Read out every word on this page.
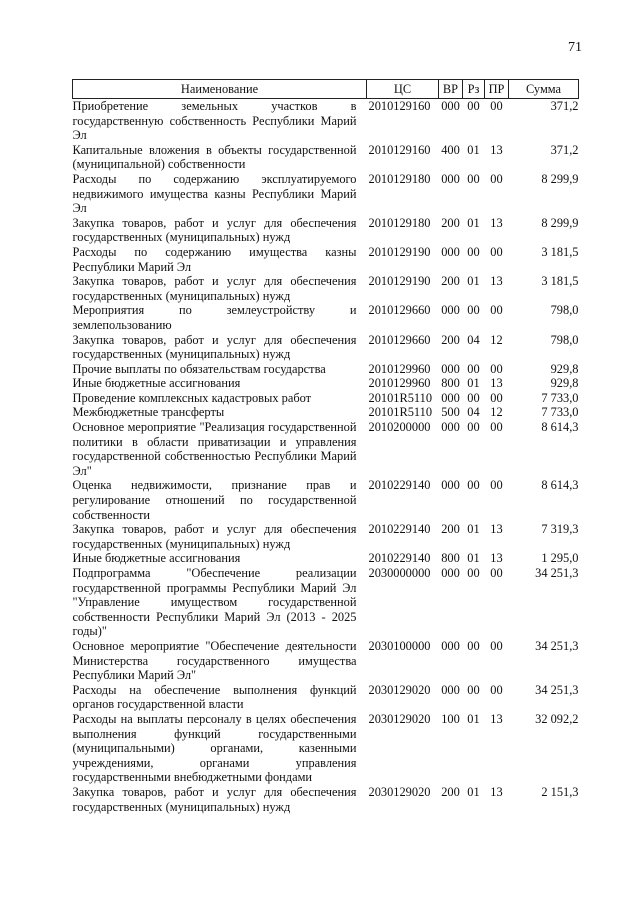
71
Наименование	ЦС	ВР	Рз	ПР	Сумма
Приобретение земельных участков в государственную собственность Республики Марий Эл	2010129160	000	00	00	371,2
Капитальные вложения в объекты государственной (муниципальной) собственности	2010129160	400	01	13	371,2
Расходы по содержанию эксплуатируемого недвижимого имущества казны Республики Марий Эл	2010129180	000	00	00	8 299,9
Закупка товаров, работ и услуг для обеспечения государственных (муниципальных) нужд	2010129180	200	01	13	8 299,9
Расходы по содержанию имущества казны Республики Марий Эл	2010129190	000	00	00	3 181,5
Закупка товаров, работ и услуг для обеспечения государственных (муниципальных) нужд	2010129190	200	01	13	3 181,5
Мероприятия по землеустройству и землепользованию	2010129660	000	00	00	798,0
Закупка товаров, работ и услуг для обеспечения государственных (муниципальных) нужд	2010129660	200	04	12	798,0
Прочие выплаты по обязательствам государства	2010129960	000	00	00	929,8
Иные бюджетные ассигнования	2010129960	800	01	13	929,8
Проведение комплексных кадастровых работ	20101R5110	000	00	00	7 733,0
Межбюджетные трансферты	20101R5110	500	04	12	7 733,0
Основное мероприятие "Реализация государственной политики в области приватизации и управления государственной собственностью Республики Марий Эл"	2010200000	000	00	00	8 614,3
Оценка недвижимости, признание прав и регулирование отношений по государственной собственности	2010229140	000	00	00	8 614,3
Закупка товаров, работ и услуг для обеспечения государственных (муниципальных) нужд	2010229140	200	01	13	7 319,3
Иные бюджетные ассигнования	2010229140	800	01	13	1 295,0
Подпрограмма "Обеспечение реализации государственной программы Республики Марий Эл "Управление имуществом государственной собственности Республики Марий Эл (2013 - 2025 годы)"	2030000000	000	00	00	34 251,3
Основное мероприятие "Обеспечение деятельности Министерства государственного имущества Республики Марий Эл"	2030100000	000	00	00	34 251,3
Расходы на обеспечение выполнения функций органов государственной власти	2030129020	000	00	00	34 251,3
Расходы на выплаты персоналу в целях обеспечения выполнения функций государственными (муниципальными) органами, казенными учреждениями, органами управления государственными внебюджетными фондами	2030129020	100	01	13	32 092,2
Закупка товаров, работ и услуг для обеспечения государственных (муниципальных) нужд	2030129020	200	01	13	2 151,3
